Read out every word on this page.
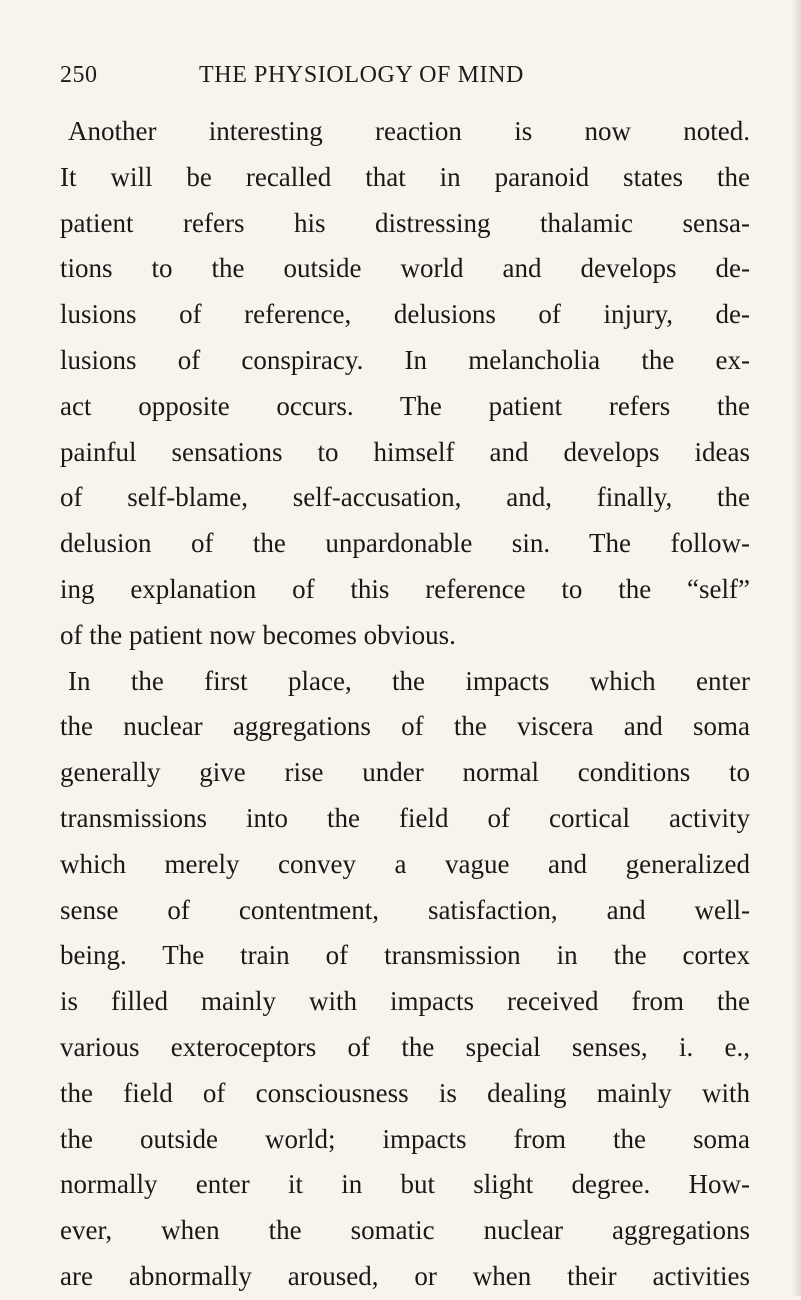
250	THE PHYSIOLOGY OF MIND
Another interesting reaction is now noted.
It will be recalled that in paranoid states the
patient refers his distressing thalamic sensa-
tions to the outside world and develops de-
lusions of reference, delusions of injury, de-
lusions of conspiracy. In melancholia the ex-
act opposite occurs. The patient refers the
painful sensations to himself and develops ideas
of self-blame, self-accusation, and, finally, the
delusion of the unpardonable sin. The follow-
ing explanation of this reference to the “self”
of the patient now becomes obvious.
In the first place, the impacts which enter
the nuclear aggregations of the viscera and soma
generally give rise under normal conditions to
transmissions into the field of cortical activity
which merely convey a vague and generalized
sense of contentment, satisfaction, and well-
being. The train of transmission in the cortex
is filled mainly with impacts received from the
various exteroceptors of the special senses, i. e.,
the field of consciousness is dealing mainly with
the outside world; impacts from the soma
normally enter it in but slight degree. How-
ever, when the somatic nuclear aggregations
are abnormally aroused, or when their activities
